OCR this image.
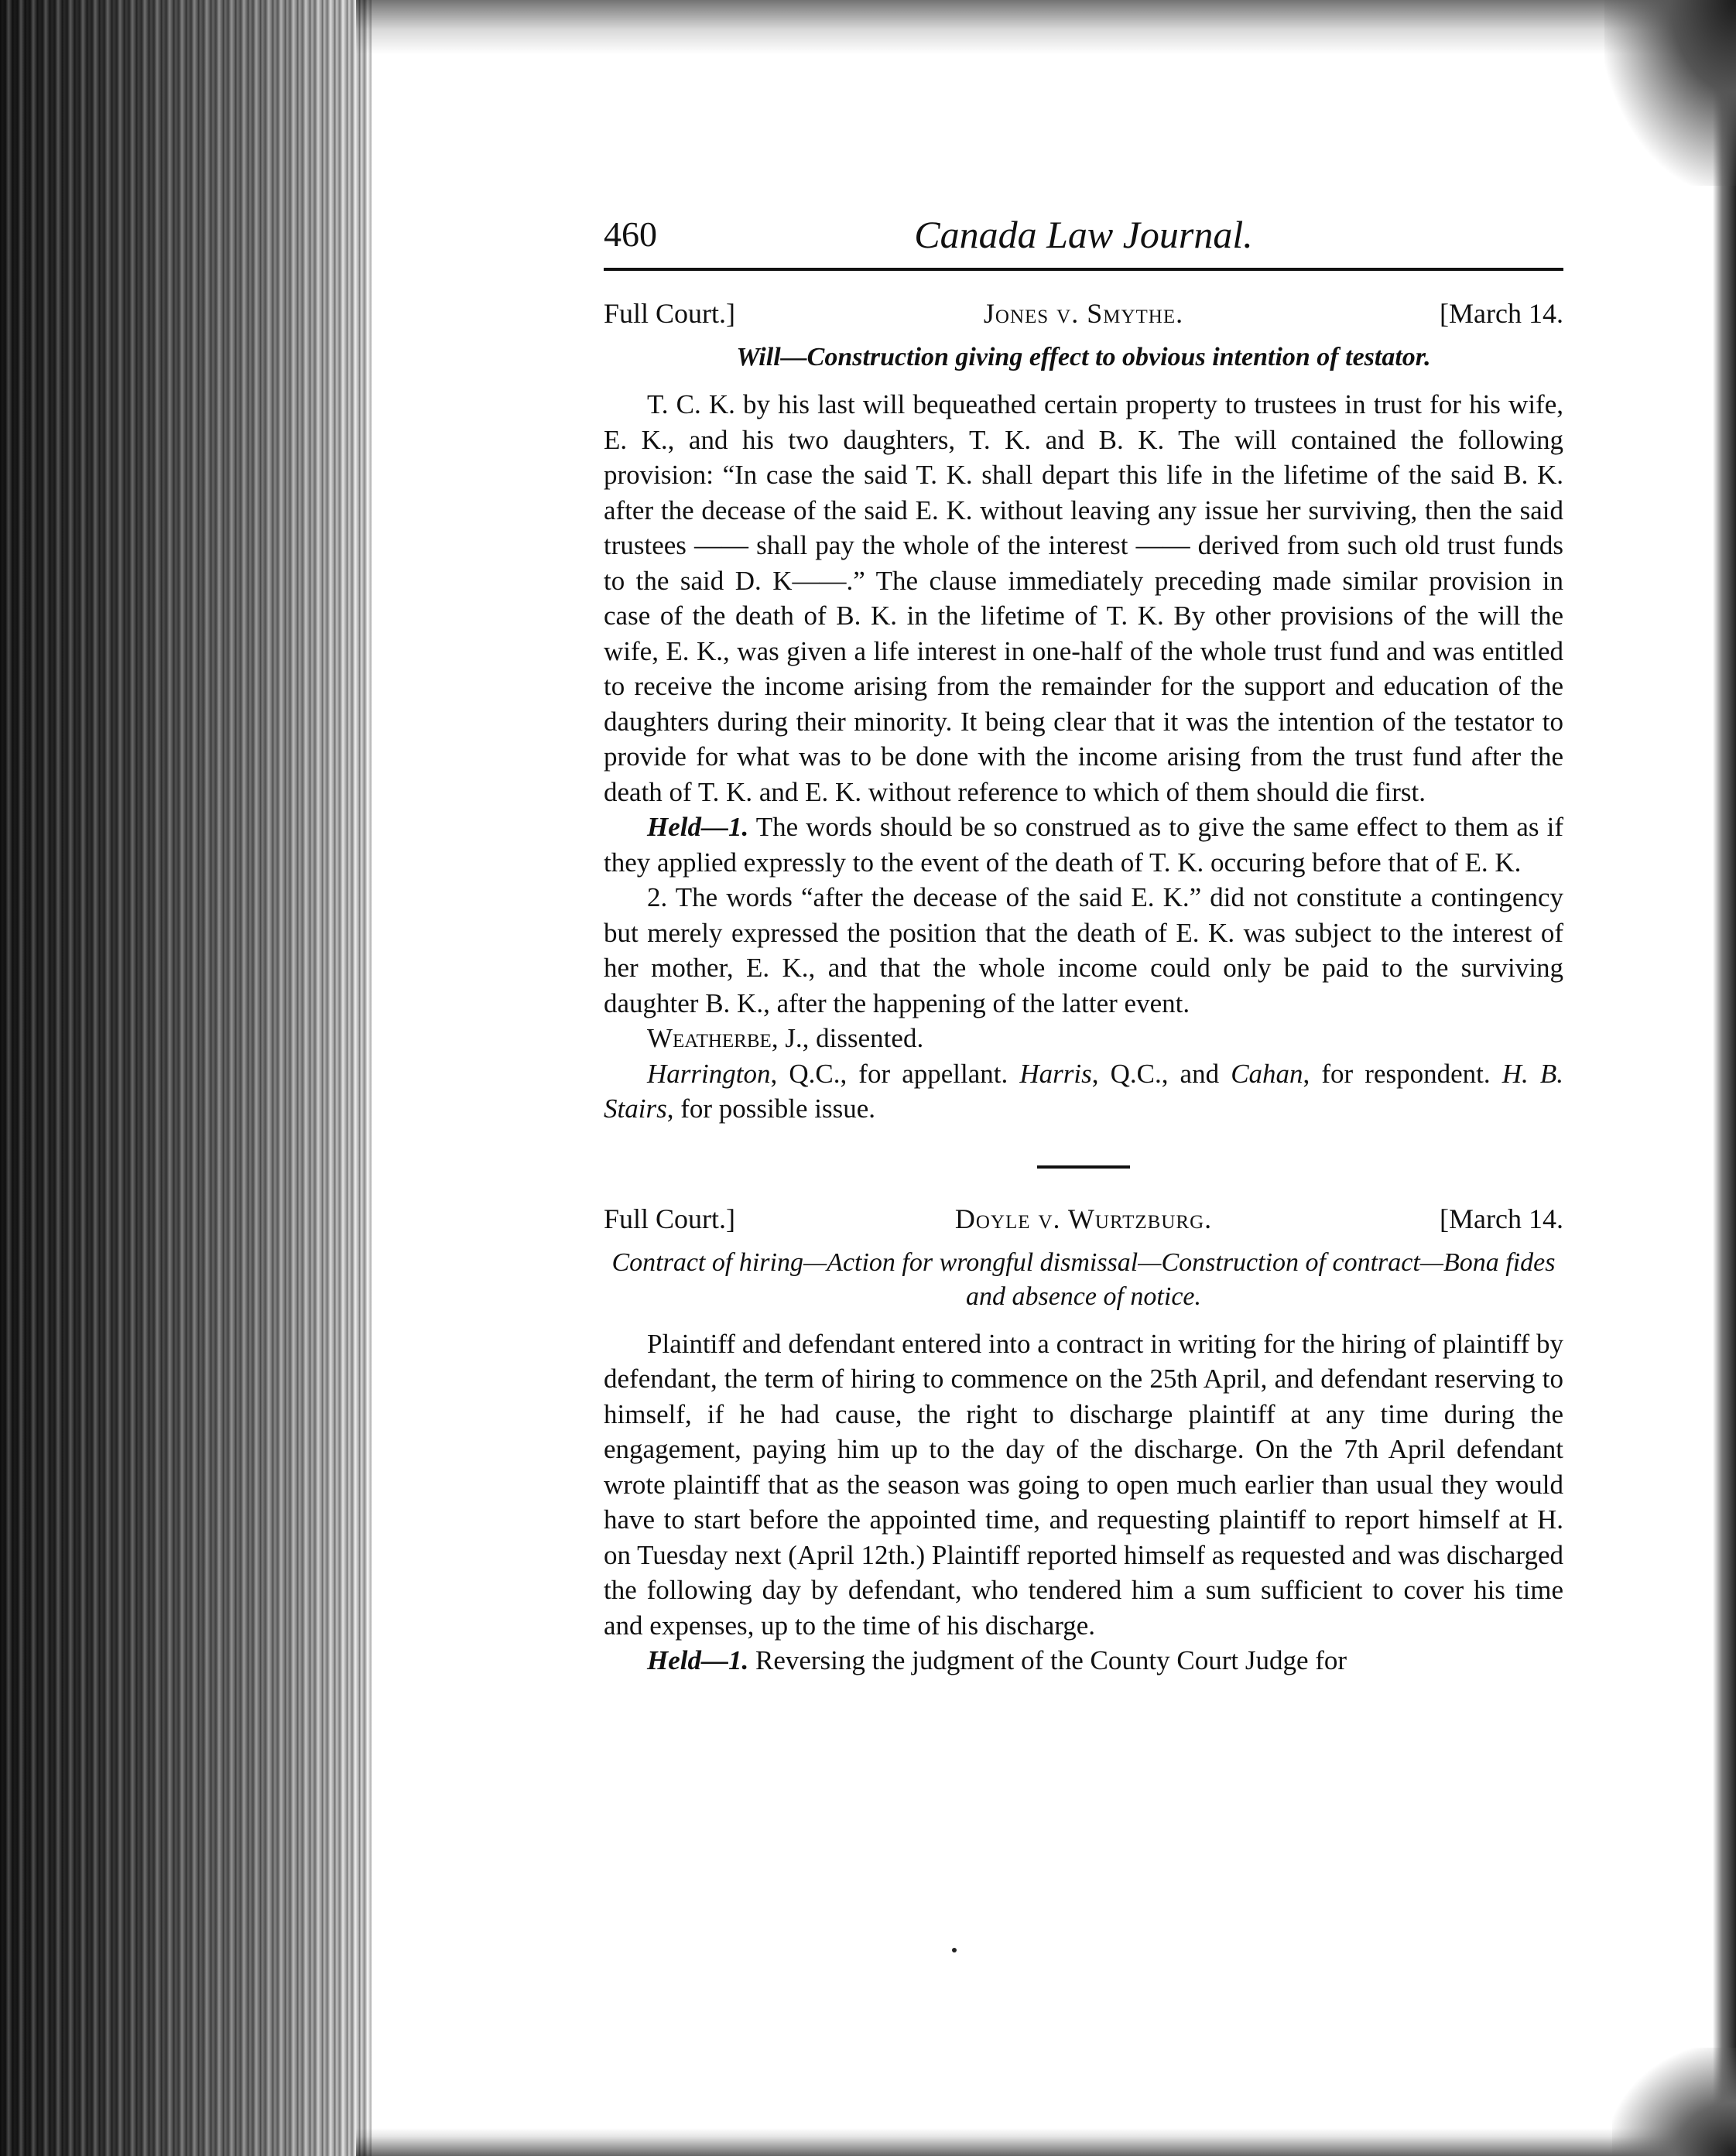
460	Canada Law Journal.
Full Court.]	Jones v. Smythe.	[March 14.
Will—Construction giving effect to obvious intention of testator.

T. C. K. by his last will bequeathed certain property to trustees in trust for his wife, E. K., and his two daughters, T. K. and B. K. The will contained the following provision: “In case the said T. K. shall depart this life in the lifetime of the said B. K. after the decease of the said E. K. without leaving any issue her surviving, then the said trustees —— shall pay the whole of the interest —— derived from such old trust funds to the said D. K——.” The clause immediately preceding made similar provision in case of the death of B. K. in the lifetime of T. K. By other provisions of the will the wife, E. K., was given a life interest in one-half of the whole trust fund and was entitled to receive the income arising from the remainder for the support and education of the daughters during their minority. It being clear that it was the intention of the testator to provide for what was to be done with the income arising from the trust fund after the death of T. K. and E. K. without reference to which of them should die first.

Held—1. The words should be so construed as to give the same effect to them as if they applied expressly to the event of the death of T. K. occuring before that of E. K.

2. The words “after the decease of the said E. K.” did not constitute a contingency but merely expressed the position that the death of E. K. was subject to the interest of her mother, E. K., and that the whole income could only be paid to the surviving daughter B. K., after the happening of the latter event.

Weatherbe, J., dissented.

Harrington, Q.C., for appellant. Harris, Q.C., and Cahan, for respondent. H. B. Stairs, for possible issue.

Full Court.]	Doyle v. Wurtzburg.	[March 14.
Contract of hiring—Action for wrongful dismissal—Construction of contract—Bona fides and absence of notice.

Plaintiff and defendant entered into a contract in writing for the hiring of plaintiff by defendant, the term of hiring to commence on the 25th April, and defendant reserving to himself, if he had cause, the right to discharge plaintiff at any time during the engagement, paying him up to the day of the discharge. On the 7th April defendant wrote plaintiff that as the season was going to open much earlier than usual they would have to start before the appointed time, and requesting plaintiff to report himself at H. on Tuesday next (April 12th.) Plaintiff reported himself as requested and was discharged the following day by defendant, who tendered him a sum sufficient to cover his time and expenses, up to the time of his discharge.

Held—1. Reversing the judgment of the County Court Judge for
